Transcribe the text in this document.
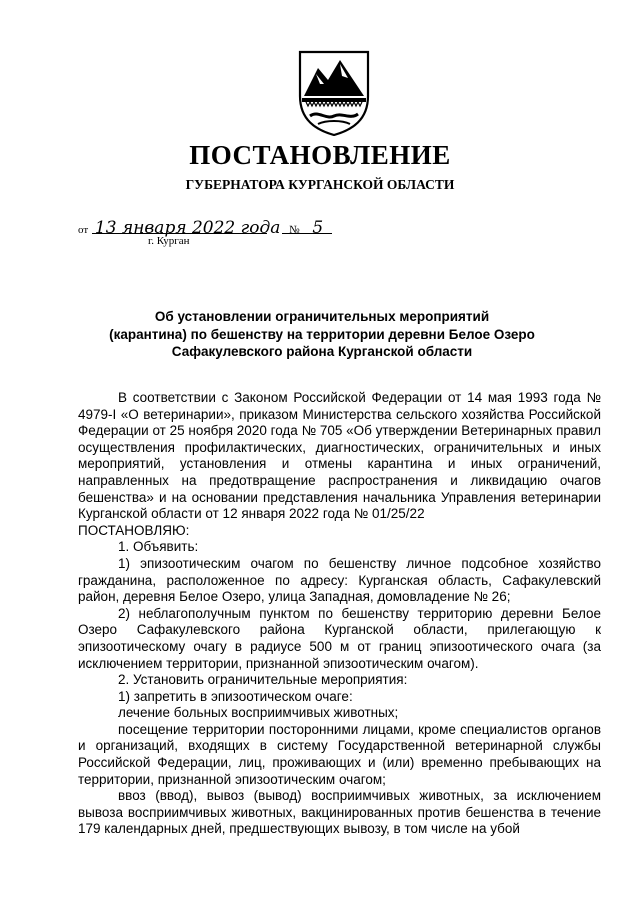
ПОСТАНОВЛЕНИЕ
ГУБЕРНАТОРА КУРГАНСКОЙ ОБЛАСТИ
от 13 января 2022 года № 5
г. Курган
Об установлении ограничительных мероприятий
(карантина) по бешенству на территории деревни Белое Озеро
Сафакулевского района Курганской области

В соответствии с Законом Российской Федерации от 14 мая 1993 года № 4979-I «О ветеринарии», приказом Министерства сельского хозяйства Российской Федерации от 25 ноября 2020 года № 705 «Об утверждении Ветеринарных правил осуществления профилактических, диагностических, ограничительных и иных мероприятий, установления и отмены карантина и иных ограничений, направленных на предотвращение распространения и ликвидацию очагов бешенства» и на основании представления начальника Управления ветеринарии Курганской области от 12 января 2022 года № 01/25/22

ПОСТАНОВЛЯЮ:

1. Объявить:

1) эпизоотическим очагом по бешенству личное подсобное хозяйство гражданина, расположенное по адресу: Курганская область, Сафакулевский район, деревня Белое Озеро, улица Западная, домовладение № 26;

2) неблагополучным пунктом по бешенству территорию деревни Белое Озеро Сафакулевского района Курганской области, прилегающую к эпизоотическому очагу в радиусе 500 м от границ эпизоотического очага (за исключением территории, признанной эпизоотическим очагом).

2. Установить ограничительные мероприятия:

1) запретить в эпизоотическом очаге:

лечение больных восприимчивых животных;

посещение территории посторонними лицами, кроме специалистов органов и организаций, входящих в систему Государственной ветеринарной службы Российской Федерации, лиц, проживающих и (или) временно пребывающих на территории, признанной эпизоотическим очагом;

ввоз (ввод), вывоз (вывод) восприимчивых животных, за исключением вывоза восприимчивых животных, вакцинированных против бешенства в течение 179 календарных дней, предшествующих вывозу, в том числе на убой
